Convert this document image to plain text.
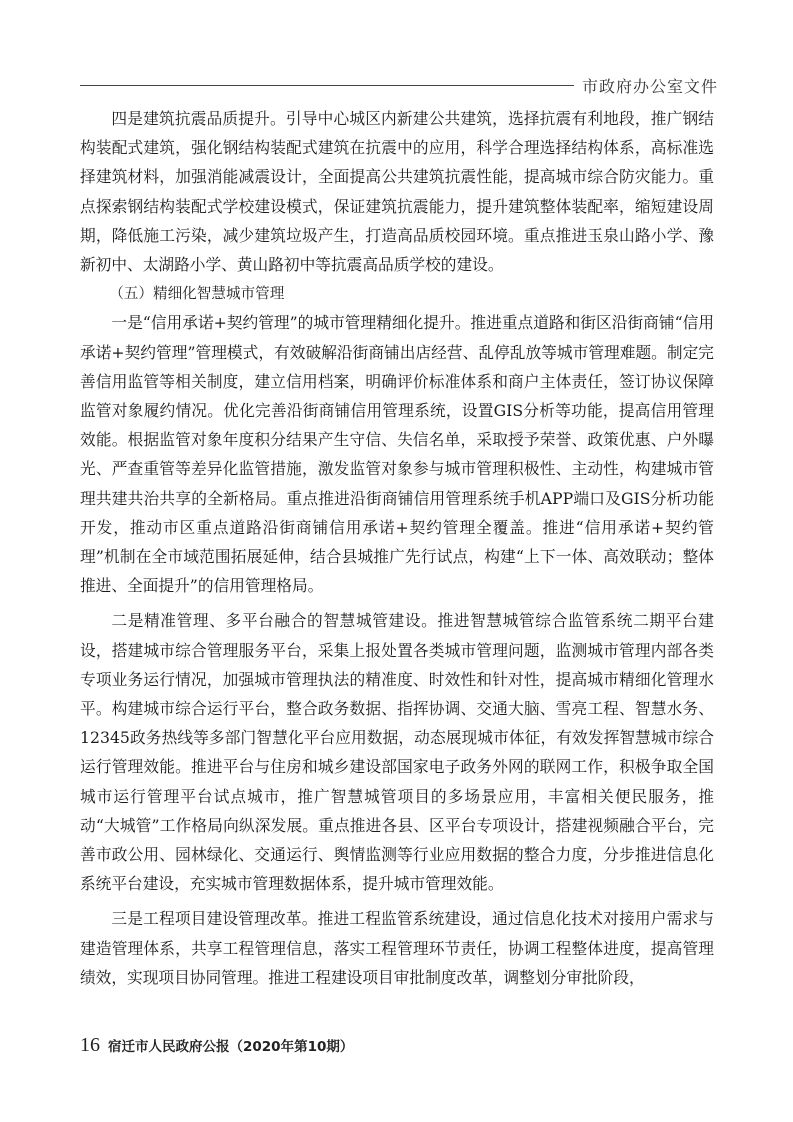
市政府办公室文件

四是建筑抗震品质提升。引导中心城区内新建公共建筑，选择抗震有利地段，推广钢结构装配式建筑，强化钢结构装配式建筑在抗震中的应用，科学合理选择结构体系，高标准选择建筑材料，加强消能减震设计，全面提高公共建筑抗震性能，提高城市综合防灾能力。重点探索钢结构装配式学校建设模式，保证建筑抗震能力，提升建筑整体装配率，缩短建设周期，降低施工污染，减少建筑垃圾产生，打造高品质校园环境。重点推进玉泉山路小学、豫新初中、太湖路小学、黄山路初中等抗震高品质学校的建设。

（五）精细化智慧城市管理

一是“信用承诺+契约管理”的城市管理精细化提升。推进重点道路和街区沿街商铺“信用承诺+契约管理”管理模式，有效破解沿街商铺出店经营、乱停乱放等城市管理难题。制定完善信用监管等相关制度，建立信用档案，明确评价标准体系和商户主体责任，签订协议保障监管对象履约情况。优化完善沿街商铺信用管理系统，设置GIS分析等功能，提高信用管理效能。根据监管对象年度积分结果产生守信、失信名单，采取授予荣誉、政策优惠、户外曝光、严查重管等差异化监管措施，激发监管对象参与城市管理积极性、主动性，构建城市管理共建共治共享的全新格局。重点推进沿街商铺信用管理系统手机APP端口及GIS分析功能开发，推动市区重点道路沿街商铺信用承诺+契约管理全覆盖。推进“信用承诺+契约管理”机制在全市域范围拓展延伸，结合县城推广先行试点，构建“上下一体、高效联动；整体推进、全面提升”的信用管理格局。

二是精准管理、多平台融合的智慧城管建设。推进智慧城管综合监管系统二期平台建设，搭建城市综合管理服务平台，采集上报处置各类城市管理问题，监测城市管理内部各类专项业务运行情况，加强城市管理执法的精准度、时效性和针对性，提高城市精细化管理水平。构建城市综合运行平台，整合政务数据、指挥协调、交通大脑、雪亮工程、智慧水务、12345政务热线等多部门智慧化平台应用数据，动态展现城市体征，有效发挥智慧城市综合运行管理效能。推进平台与住房和城乡建设部国家电子政务外网的联网工作，积极争取全国城市运行管理平台试点城市，推广智慧城管项目的多场景应用，丰富相关便民服务，推动“大城管”工作格局向纵深发展。重点推进各县、区平台专项设计，搭建视频融合平台，完善市政公用、园林绿化、交通运行、舆情监测等行业应用数据的整合力度，分步推进信息化系统平台建设，充实城市管理数据体系，提升城市管理效能。

三是工程项目建设管理改革。推进工程监管系统建设，通过信息化技术对接用户需求与建造管理体系，共享工程管理信息，落实工程管理环节责任，协调工程整体进度，提高管理绩效，实现项目协同管理。推进工程建设项目审批制度改革，调整划分审批阶段，

16 宿迁市人民政府公报（2020年第10期）
